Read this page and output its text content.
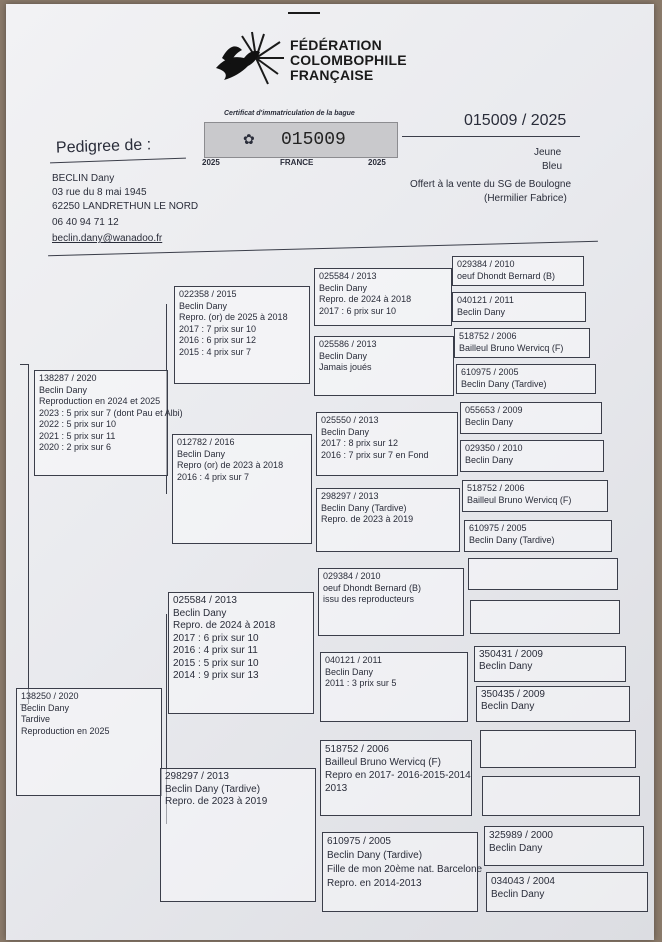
FÉDÉRATION
COLOMBOPHILE
FRANÇAISE
Certificat d'immatriculation de la bague
✿ 015009
2025	FRANCE	2025
Pedigree de :
015009 / 2025
Jeune
Bleu
Offert à la vente du SG de Boulogne
(Hermilier Fabrice)
BECLIN Dany
03 rue du 8 mai 1945
62250 LANDRETHUN LE NORD
06 40 94 71 12
beclin.dany@wanadoo.fr
138287 / 2020
Beclin Dany
Reproduction en 2024 et 2025
2023 : 5 prix sur 7 (dont Pau et Albi)
2022 : 5 prix sur 10
2021 : 5 prix sur 11
2020 : 2 prix sur 6
138250 / 2020
Beclin Dany
Tardive
Reproduction en 2025
022358 / 2015
Beclin Dany
Repro. (or) de 2025 à 2018
2017 : 7 prix sur 10
2016 : 6 prix sur 12
2015 : 4 prix sur 7
012782 / 2016
Beclin Dany
Repro (or) de 2023 à 2018
2016 : 4 prix sur 7
025584 / 2013
Beclin Dany
Repro. de 2024 à 2018
2017 : 6 prix sur 10
2016 : 4 prix sur 11
2015 : 5 prix sur 10
2014 : 9 prix sur 13
298297 / 2013
Beclin Dany (Tardive)
Repro. de 2023 à 2019
025584 / 2013
Beclin Dany
Repro. de 2024 à 2018
2017 : 6 prix sur 10
025586 / 2013
Beclin Dany
Jamais joués
025550 / 2013
Beclin Dany
2017 : 8 prix sur 12
2016 : 7 prix sur 7 en Fond
298297 / 2013
Beclin Dany (Tardive)
Repro. de 2023 à 2019
029384 / 2010
oeuf Dhondt Bernard (B)
issu des reproducteurs
040121 / 2011
Beclin Dany
2011 : 3 prix sur 5
518752 / 2006
Bailleul Bruno Wervicq (F)
Repro en 2017- 2016-2015-2014
2013
610975 / 2005
Beclin Dany (Tardive)
Fille de mon 20ème nat. Barcelone
Repro. en 2014-2013
029384 / 2010
oeuf Dhondt Bernard (B)
040121 / 2011
Beclin Dany
518752 / 2006
Bailleul Bruno Wervicq (F)
610975 / 2005
Beclin Dany (Tardive)
055653 / 2009
Beclin Dany
029350 / 2010
Beclin Dany
518752 / 2006
Bailleul Bruno Wervicq (F)
610975 / 2005
Beclin Dany (Tardive)
350431 / 2009
Beclin Dany
350435 / 2009
Beclin Dany
325989 / 2000
Beclin Dany
034043 / 2004
Beclin Dany
